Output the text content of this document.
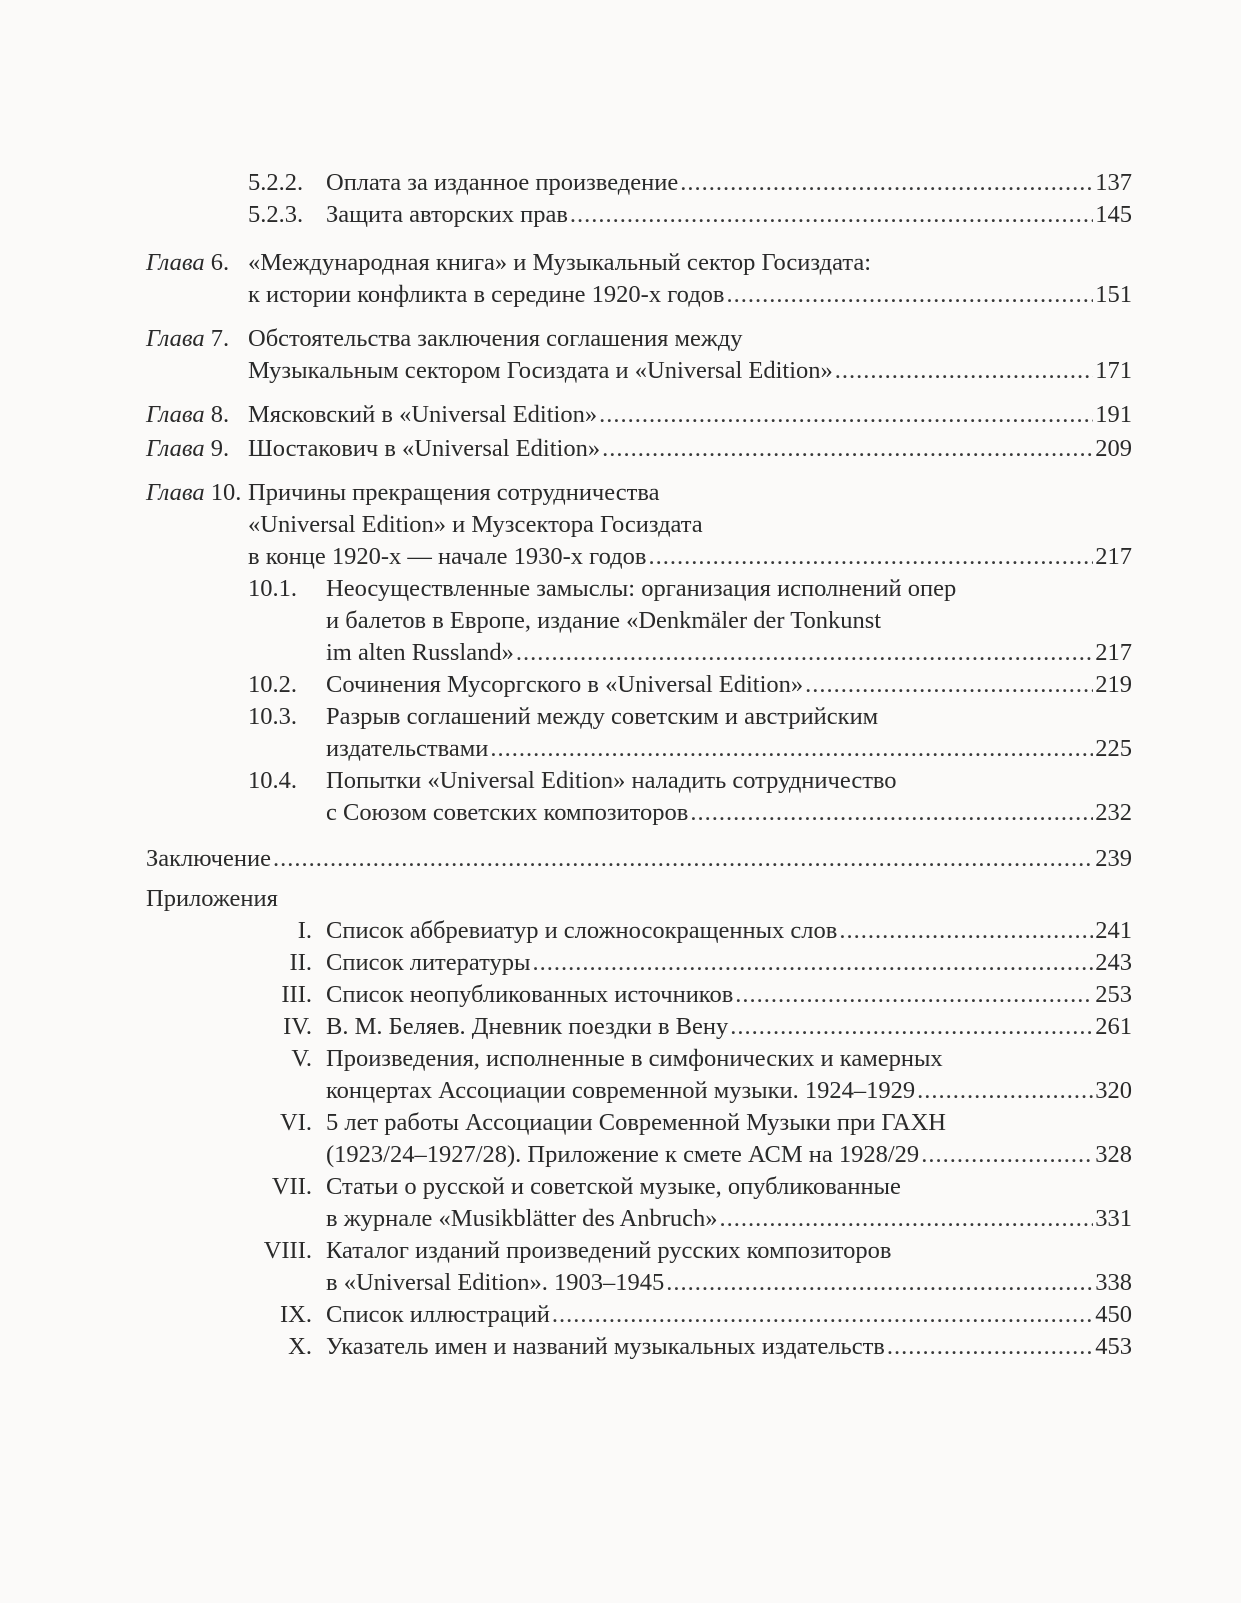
5.2.2. Оплата за изданное произведение .....	137
5.2.3. Защита авторских прав .....	145
Глава 6. «Международная книга» и Музыкальный сектор Госиздата:
к истории конфликта в середине 1920-х годов .....	151
Глава 7. Обстоятельства заключения соглашения между
Музыкальным сектором Госиздата и «Universal Edition» .....	171
Глава 8. Мясковский в «Universal Edition» .....	191
Глава 9. Шостакович в «Universal Edition» .....	209
Глава 10. Причины прекращения сотрудничества
«Universal Edition» и Музсектора Госиздата
в конце 1920-х — начале 1930-х годов .....	217
10.1. Неосуществленные замыслы: организация исполнений опер
и балетов в Европе, издание «Denkmäler der Tonkunst
im alten Russland» .....	217
10.2. Сочинения Мусоргского в «Universal Edition» .....	219
10.3. Разрыв соглашений между советским и австрийским
издательствами .....	225
10.4. Попытки «Universal Edition» наладить сотрудничество
с Союзом советских композиторов .....	232
Заключение .....	239
Приложения
I. Список аббревиатур и сложносокращенных слов .....	241
II. Список литературы .....	243
III. Список неопубликованных источников .....	253
IV. В. М. Беляев. Дневник поездки в Вену .....	261
V. Произведения, исполненные в симфонических и камерных
концертах Ассоциации современной музыки. 1924–1929 .....	320
VI. 5 лет работы Ассоциации Современной Музыки при ГАХН
(1923/24–1927/28). Приложение к смете АСМ на 1928/29 .....	328
VII. Статьи о русской и советской музыке, опубликованные
в журнале «Musikblätter des Anbruch» .....	331
VIII. Каталог изданий произведений русских композиторов
в «Universal Edition». 1903–1945 .....	338
IX. Список иллюстраций .....	450
X. Указатель имен и названий музыкальных издательств .....	453
